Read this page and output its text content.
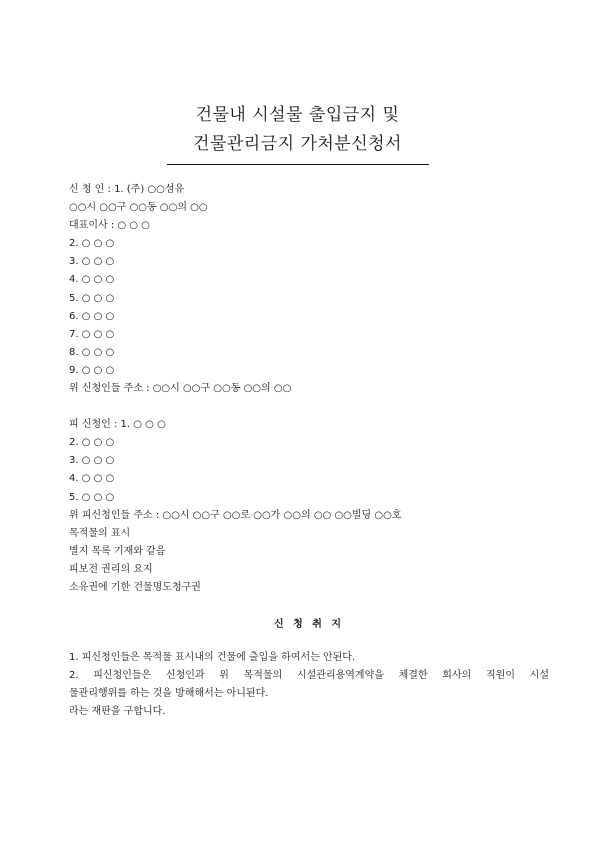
건물내 시설물 출입금지 및
건물관리금지 가처분신청서
신 청 인 : 1. (주) ○○섬유
○○시 ○○구 ○○동 ○○의 ○○
대표이사 : ○ ○ ○
2. ○ ○ ○
3. ○ ○ ○
4. ○ ○ ○
5. ○ ○ ○
6. ○ ○ ○
7. ○ ○ ○
8. ○ ○ ○
9. ○ ○ ○
위 신청인들 주소 : ○○시 ○○구 ○○동 ○○의 ○○
피 신청인 : 1. ○ ○ ○
2. ○ ○ ○
3. ○ ○ ○
4. ○ ○ ○
5. ○ ○ ○
위 피신청인들 주소 : ○○시 ○○구 ○○로 ○○가 ○○의 ○○ ○○빌딩 ○○호
목적물의 표시
별지 목록 기재와 같음
피보전 권리의 요지
소유권에 기한 건물명도청구권
신 청 취 지
1. 피신청인들은 목적물 표시내의 건물에 출입을 하여서는 안된다.
2. 피신청인들은 신청인과 위 목적물의 시설관리용역계약을 체결한 회사의 직원이 시설
물관리행위를 하는 것을 방해해서는 아니된다.
라는 재판을 구합니다.
